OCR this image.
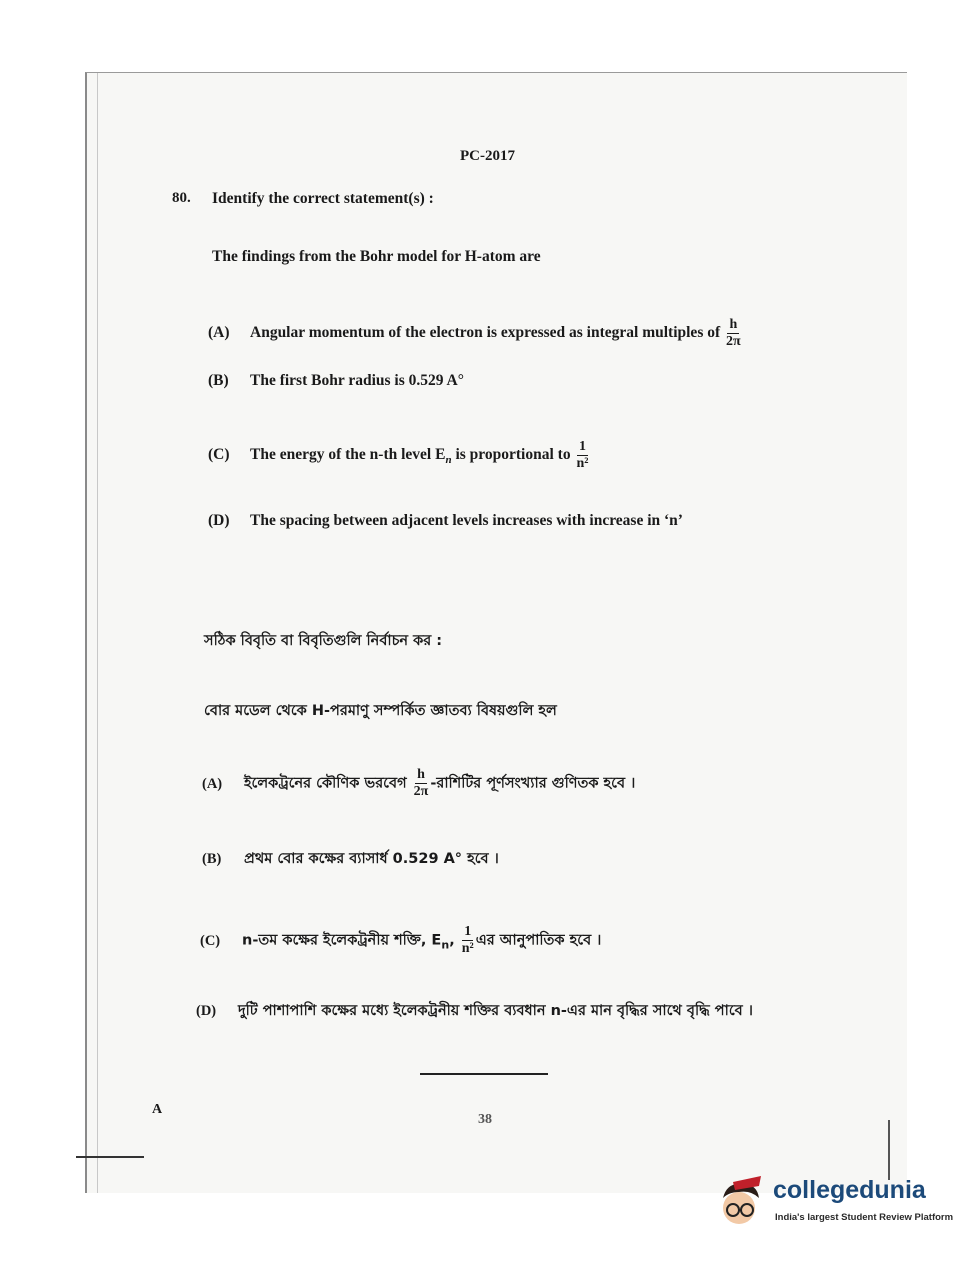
PC-2017
80. Identify the correct statement(s) :
The findings from the Bohr model for H-atom are
(A) Angular momentum of the electron is expressed as integral multiples of $\frac{h}{2\pi}$
(B) The first Bohr radius is 0.529 A°
(C) The energy of the n-th level $E_n$ is proportional to $\frac{1}{\text{n²}}$
(D) The spacing between adjacent levels increases with increase in ‘n’
সঠিক বিবৃতি বা বিবৃতিগুলি নির্বাচন কর :
বোর মডেল থেকে H-পরমাণু সম্পর্কিত জ্ঞাতব্য বিষয়গুলি হল
(A) ইলেকট্রনের কৌণিক ভরবেগ $\frac{h}{2\pi}$ -রাশিটির পূর্ণসংখ্যার গুণিতক হবে ।
(B) প্রথম বোর কক্ষের ব্যাসার্ধ 0.529 A° হবে ।
(C) n-তম কক্ষের ইলেকট্রনীয় শক্তি, $E_n$, $\frac{1}{\text{n²}}$ এর আনুপাতিক হবে ।
(D) দুটি পাশাপাশি কক্ষের মধ্যে ইলেকট্রনীয় শক্তির ব্যবধান n-এর মান বৃদ্ধির সাথে বৃদ্ধি পাবে ।
A
38
collegedunia
India's largest Student Review Platform
